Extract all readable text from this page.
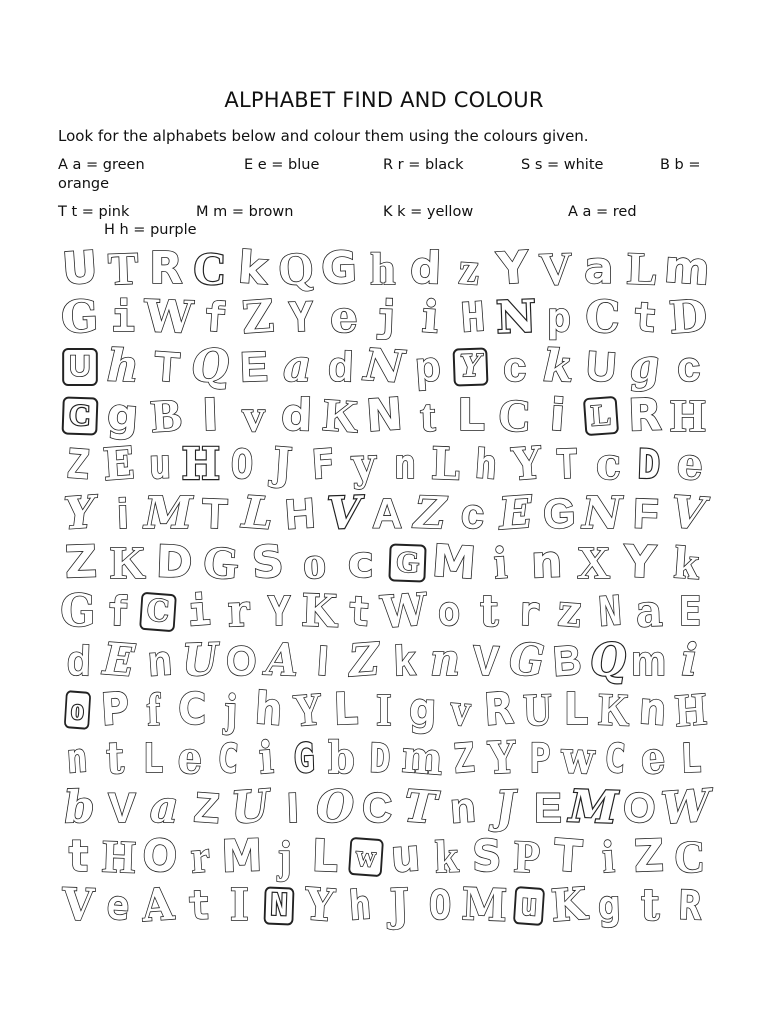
ALPHABET FIND AND COLOUR
Look for the alphabets below and colour them using the colours given.
A a = green	E e = blue	R r = black	S s = white	B b =
orange
T t = pink	M m = brown	K k = yellow	A a = red
H h = purple
U T R C k Q G h d z Y V a L m
G i W f Z Y e j i H N p C t D
U h T Q E a d N p Y c k U g c
C g B I v d K N t L C i L R H
Z E u H O J F y n L h Y T c D e
Y i M T L H V A Z c E G N F V
Z K D G S o c G M i n X Y k
G f C i r Y K t W o t r z N a E
d E n U O A I Z k n V G B Q m i
o P f C j h Y L I g v R U L K n H
n t L e C i G b D m Z Y P w C e L
b V a Z U I O C T n J E M O W
t H O r M j L w u k S P T i Z C
V e A t I N Y h J O M u K g t R
